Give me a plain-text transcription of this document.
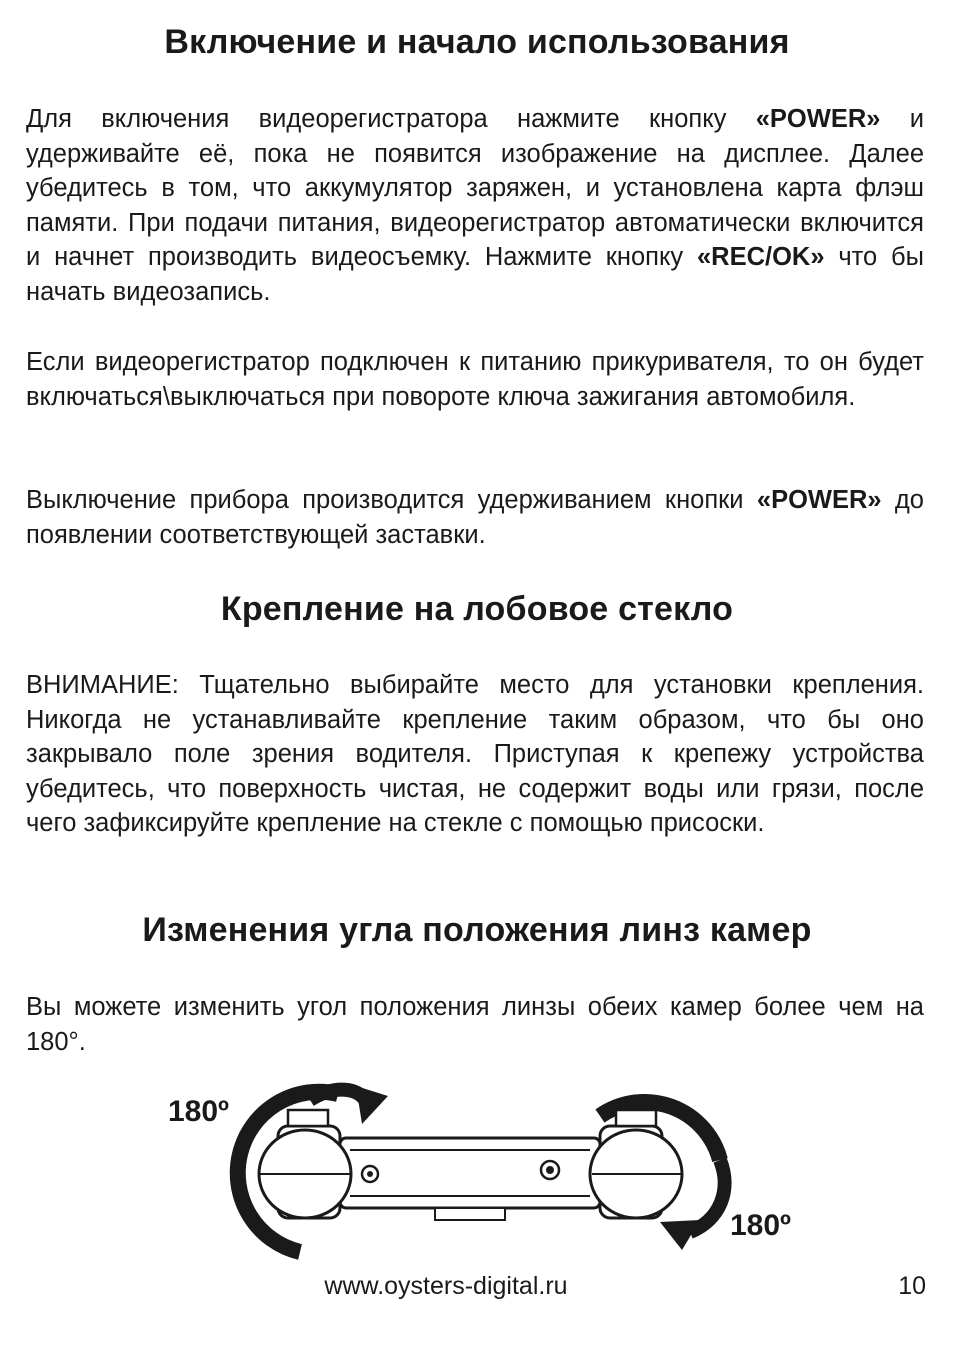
Включение и начало использования

Для включения видеорегистратора нажмите кнопку «POWER» и удерживайте её, пока не появится изображение на дисплее. Далее убедитесь в том, что аккумулятор заряжен, и установлена карта флэш памяти. При подачи питания, видеорегистратор автоматически включится и начнет производить видеосъемку. Нажмите кнопку «REC/OK» что бы начать видеозапись.

Если видеорегистратор подключен к питанию прикуривателя, то он будет включаться\выключаться при повороте ключа зажигания автомобиля.

Выключение прибора производится удерживанием кнопки «POWER» до появлении соответствующей заставки.

Крепление на лобовое стекло

ВНИМАНИЕ: Тщательно выбирайте место для установки крепления. Никогда не устанавливайте крепление таким образом, что бы оно закрывало поле зрения водителя. Приступая к крепежу устройства убедитесь, что поверхность чистая, не содержит воды или грязи, после чего зафиксируйте крепление на стекле с помощью присоски.

Изменения угла положения линз камер

Вы можете изменить угол положения линзы обеих камер более чем на 180°.

180º
180º
www.oysters-digital.ru	10
